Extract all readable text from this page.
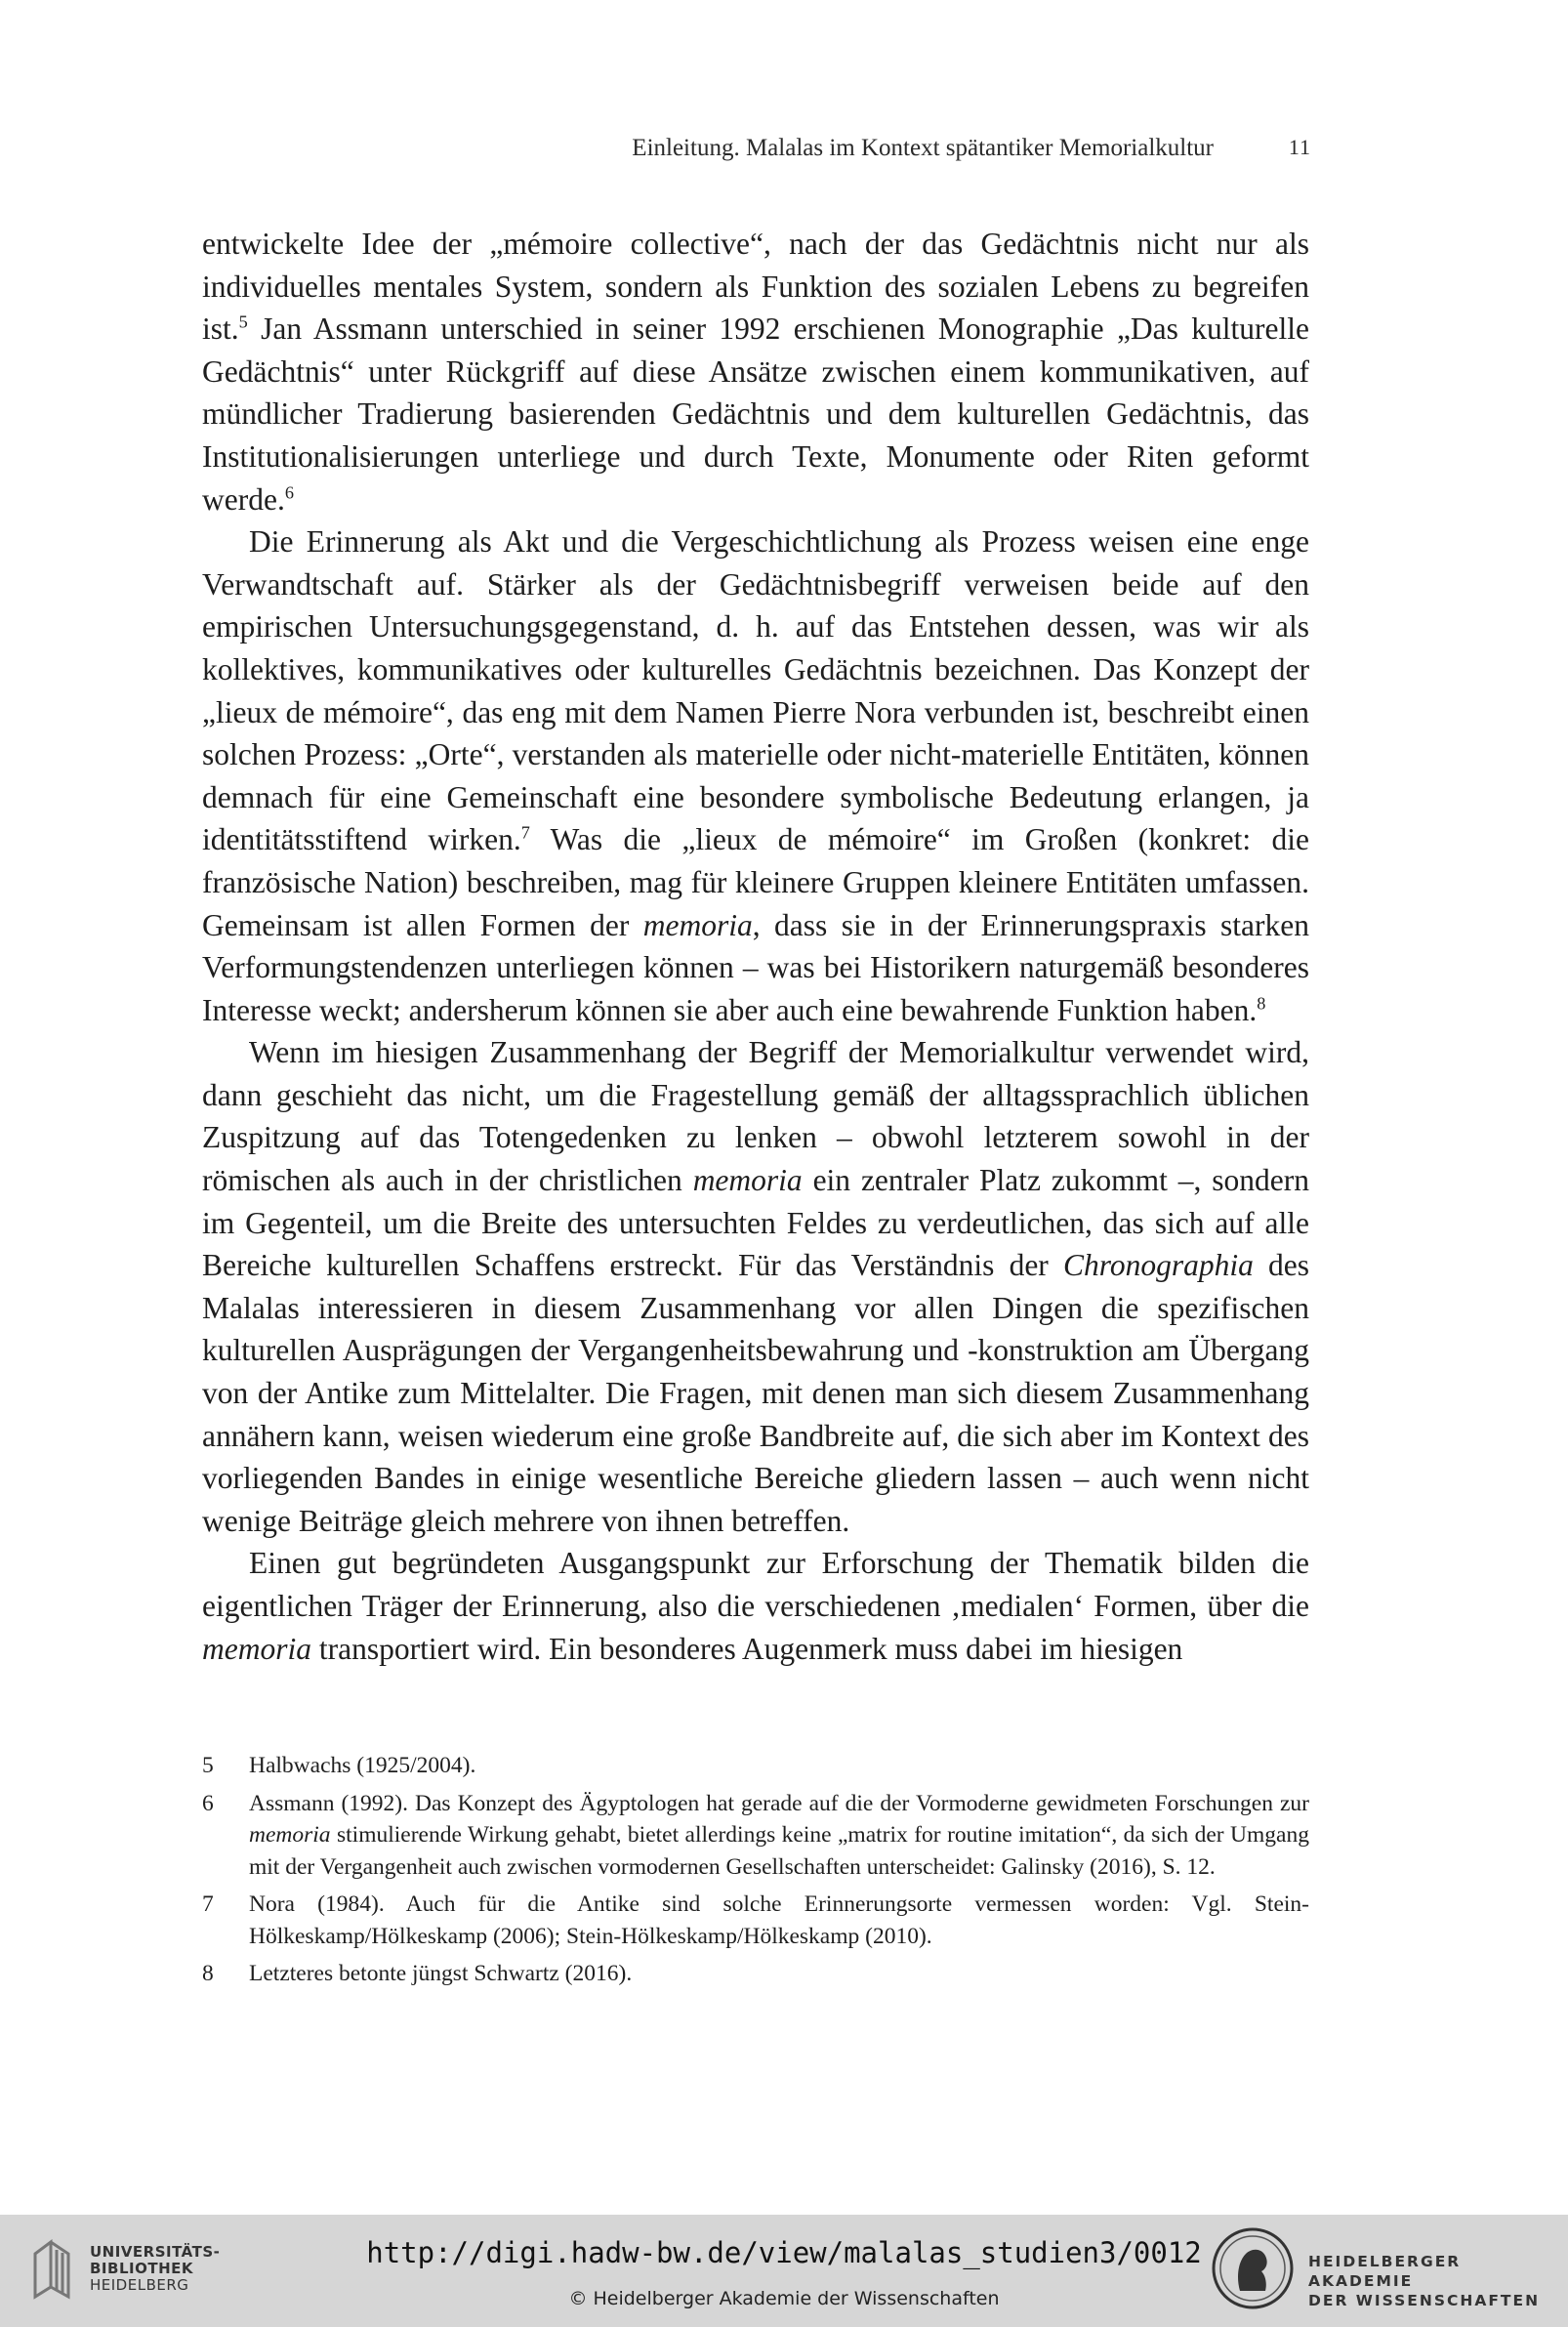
Einleitung. Malalas im Kontext spätantiker Memorialkultur	11

entwickelte Idee der „mémoire collective“, nach der das Gedächtnis nicht nur als individuelles mentales System, sondern als Funktion des sozialen Lebens zu begreifen ist.$^5$ Jan Assmann unterschied in seiner 1992 erschienen Monographie „Das kulturelle Gedächtnis“ unter Rückgriff auf diese Ansätze zwischen einem kommunikativen, auf mündlicher Tradierung basierenden Gedächtnis und dem kulturellen Gedächtnis, das Institutionalisierungen unterliege und durch Texte, Monumente oder Riten geformt werde.$^6$

Die Erinnerung als Akt und die Vergeschichtlichung als Prozess weisen eine enge Verwandtschaft auf. Stärker als der Gedächtnisbegriff verweisen beide auf den empirischen Untersuchungsgegenstand, d. h. auf das Entstehen dessen, was wir als kollektives, kommunikatives oder kulturelles Gedächtnis bezeichnen. Das Konzept der „lieux de mémoire“, das eng mit dem Namen Pierre Nora verbunden ist, beschreibt einen solchen Prozess: „Orte“, verstanden als materielle oder nicht-materielle Entitäten, können demnach für eine Gemeinschaft eine besondere symbolische Bedeutung erlangen, ja identitätsstiftend wirken.$^7$ Was die „lieux de mémoire“ im Großen (konkret: die französische Nation) beschreiben, mag für kleinere Gruppen kleinere Entitäten umfassen. Gemeinsam ist allen Formen der memoria, dass sie in der Erinnerungspraxis starken Verformungstendenzen unterliegen können – was bei Historikern naturgemäß besonderes Interesse weckt; andersherum können sie aber auch eine bewahrende Funktion haben.$^8$

Wenn im hiesigen Zusammenhang der Begriff der Memorialkultur verwendet wird, dann geschieht das nicht, um die Fragestellung gemäß der alltagssprachlich üblichen Zuspitzung auf das Totengedenken zu lenken – obwohl letzterem sowohl in der römischen als auch in der christlichen memoria ein zentraler Platz zukommt –, sondern im Gegenteil, um die Breite des untersuchten Feldes zu verdeutlichen, das sich auf alle Bereiche kulturellen Schaffens erstreckt. Für das Verständnis der Chronographia des Malalas interessieren in diesem Zusammenhang vor allen Dingen die spezifischen kulturellen Ausprägungen der Vergangenheitsbewahrung und -konstruktion am Übergang von der Antike zum Mittelalter. Die Fragen, mit denen man sich diesem Zusammenhang annähern kann, weisen wiederum eine große Bandbreite auf, die sich aber im Kontext des vorliegenden Bandes in einige wesentliche Bereiche gliedern lassen – auch wenn nicht wenige Beiträge gleich mehrere von ihnen betreffen.

Einen gut begründeten Ausgangspunkt zur Erforschung der Thematik bilden die eigentlichen Träger der Erinnerung, also die verschiedenen ‚medialen‘ Formen, über die memoria transportiert wird. Ein besonderes Augenmerk muss dabei im hiesigen

5	Halbwachs (1925/2004).
6	Assmann (1992). Das Konzept des Ägyptologen hat gerade auf die der Vormoderne gewidmeten Forschungen zur memoria stimulierende Wirkung gehabt, bietet allerdings keine „matrix for routine imitation“, da sich der Umgang mit der Vergangenheit auch zwischen vormodernen Gesellschaften unterscheidet: Galinsky (2016), S. 12.
7	Nora (1984). Auch für die Antike sind solche Erinnerungsorte vermessen worden: Vgl. Stein-Hölkeskamp/Hölkeskamp (2006); Stein-Hölkeskamp/Hölkeskamp (2010).
8	Letzteres betonte jüngst Schwartz (2016).
UNIVERSITÄTS-
BIBLIOTHEK
HEIDELBERG
http://digi.hadw-bw.de/view/malalas_studien3/0012
© Heidelberger Akademie der Wissenschaften
HEIDELBERGER AKADEMIE
DER WISSENSCHAFTEN
